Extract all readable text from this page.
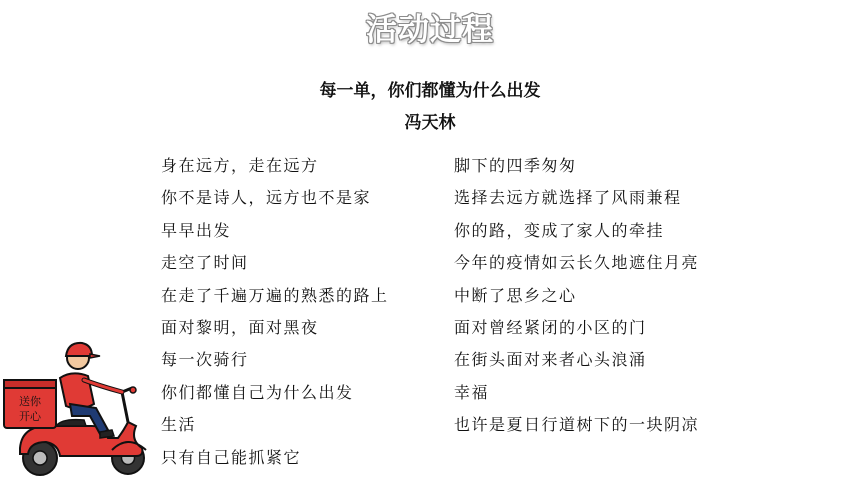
活动过程
每一单，你们都懂为什么出发
冯天林
身在远方，走在远方
你不是诗人，远方也不是家
早早出发
走空了时间
在走了千遍万遍的熟悉的路上
面对黎明，面对黑夜
每一次骑行
你们都懂自己为什么出发
生活
只有自己能抓紧它
脚下的四季匆匆
选择去远方就选择了风雨兼程
你的路，变成了家人的牵挂
今年的疫情如云长久地遮住月亮
中断了思乡之心
面对曾经紧闭的小区的门
在街头面对来者心头浪涌
幸福
也许是夏日行道树下的一块阴凉
送你
开心
